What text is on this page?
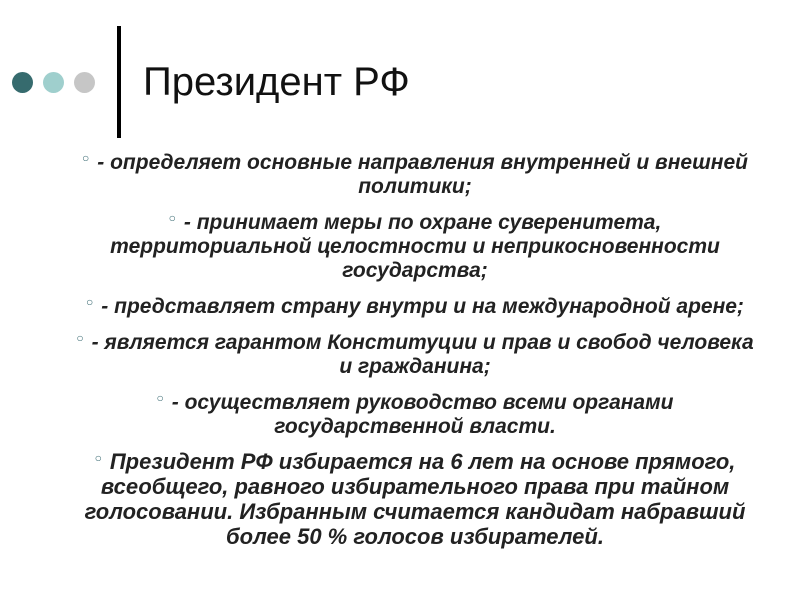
Президент РФ
○ - определяет основные направления внутренней и внешней политики;
○ - принимает меры по охране суверенитета, территориальной целостности и неприкосновенности государства;
○ - представляет страну внутри и на международной арене;
○ - является гарантом Конституции и прав и свобод человека и гражданина;
○ - осуществляет руководство всеми органами государственной власти.
○ Президент РФ избирается на 6 лет на основе прямого, всеобщего, равного избирательного права при тайном голосовании. Избранным считается кандидат набравший более 50 % голосов избирателей.
